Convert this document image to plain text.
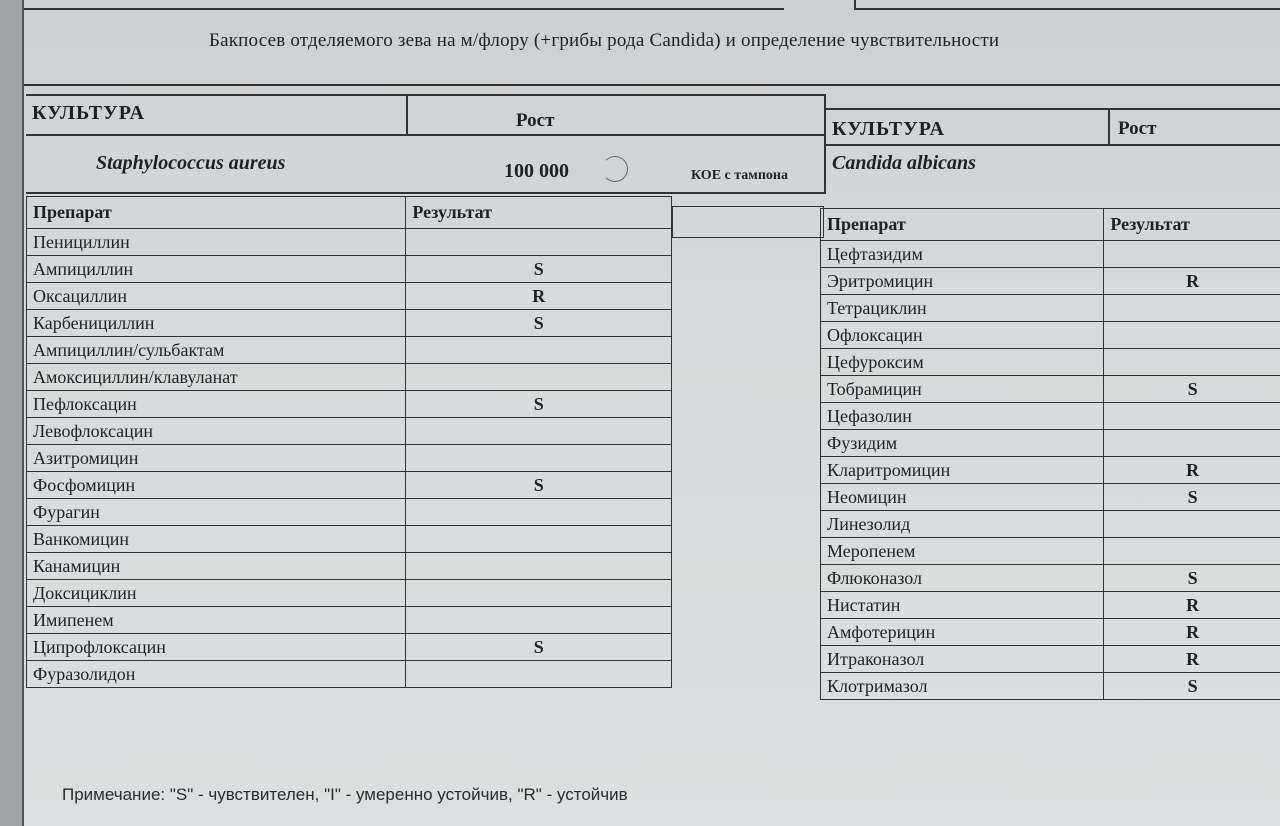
Бакпосев отделяемого зева на м/флору (+грибы рода Candida) и определение чувствительности
КУЛЬТУРА	Рост
Staphylococcus aureus	100 000	КОЕ с тампона
КУЛЬТУРА	Рост
Candida albicans
Препарат	Результат
Пенициллин	
Ампициллин	S
Оксациллин	R
Карбенициллин	S
Ампициллин/сульбактам	
Амоксициллин/клавуланат	
Пефлоксацин	S
Левофлоксацин	
Азитромицин	
Фосфомицин	S
Фурагин	
Ванкомицин	
Канамицин	
Доксициклин	
Имипенем	
Ципрофлоксацин	S
Фуразолидон	
Препарат	Результат
Цефтазидим	
Эритромицин	R
Тетрациклин	
Офлоксацин	
Цефуроксим	
Тобрамицин	S
Цефазолин	
Фузидим	
Кларитромицин	R
Неомицин	S
Линезолид	
Меропенем	
Флюконазол	S
Нистатин	R
Амфотерицин	R
Итраконазол	R
Клотримазол	S
Примечание: "S" - чувствителен, "I" - умеренно устойчив, "R" - устойчив
